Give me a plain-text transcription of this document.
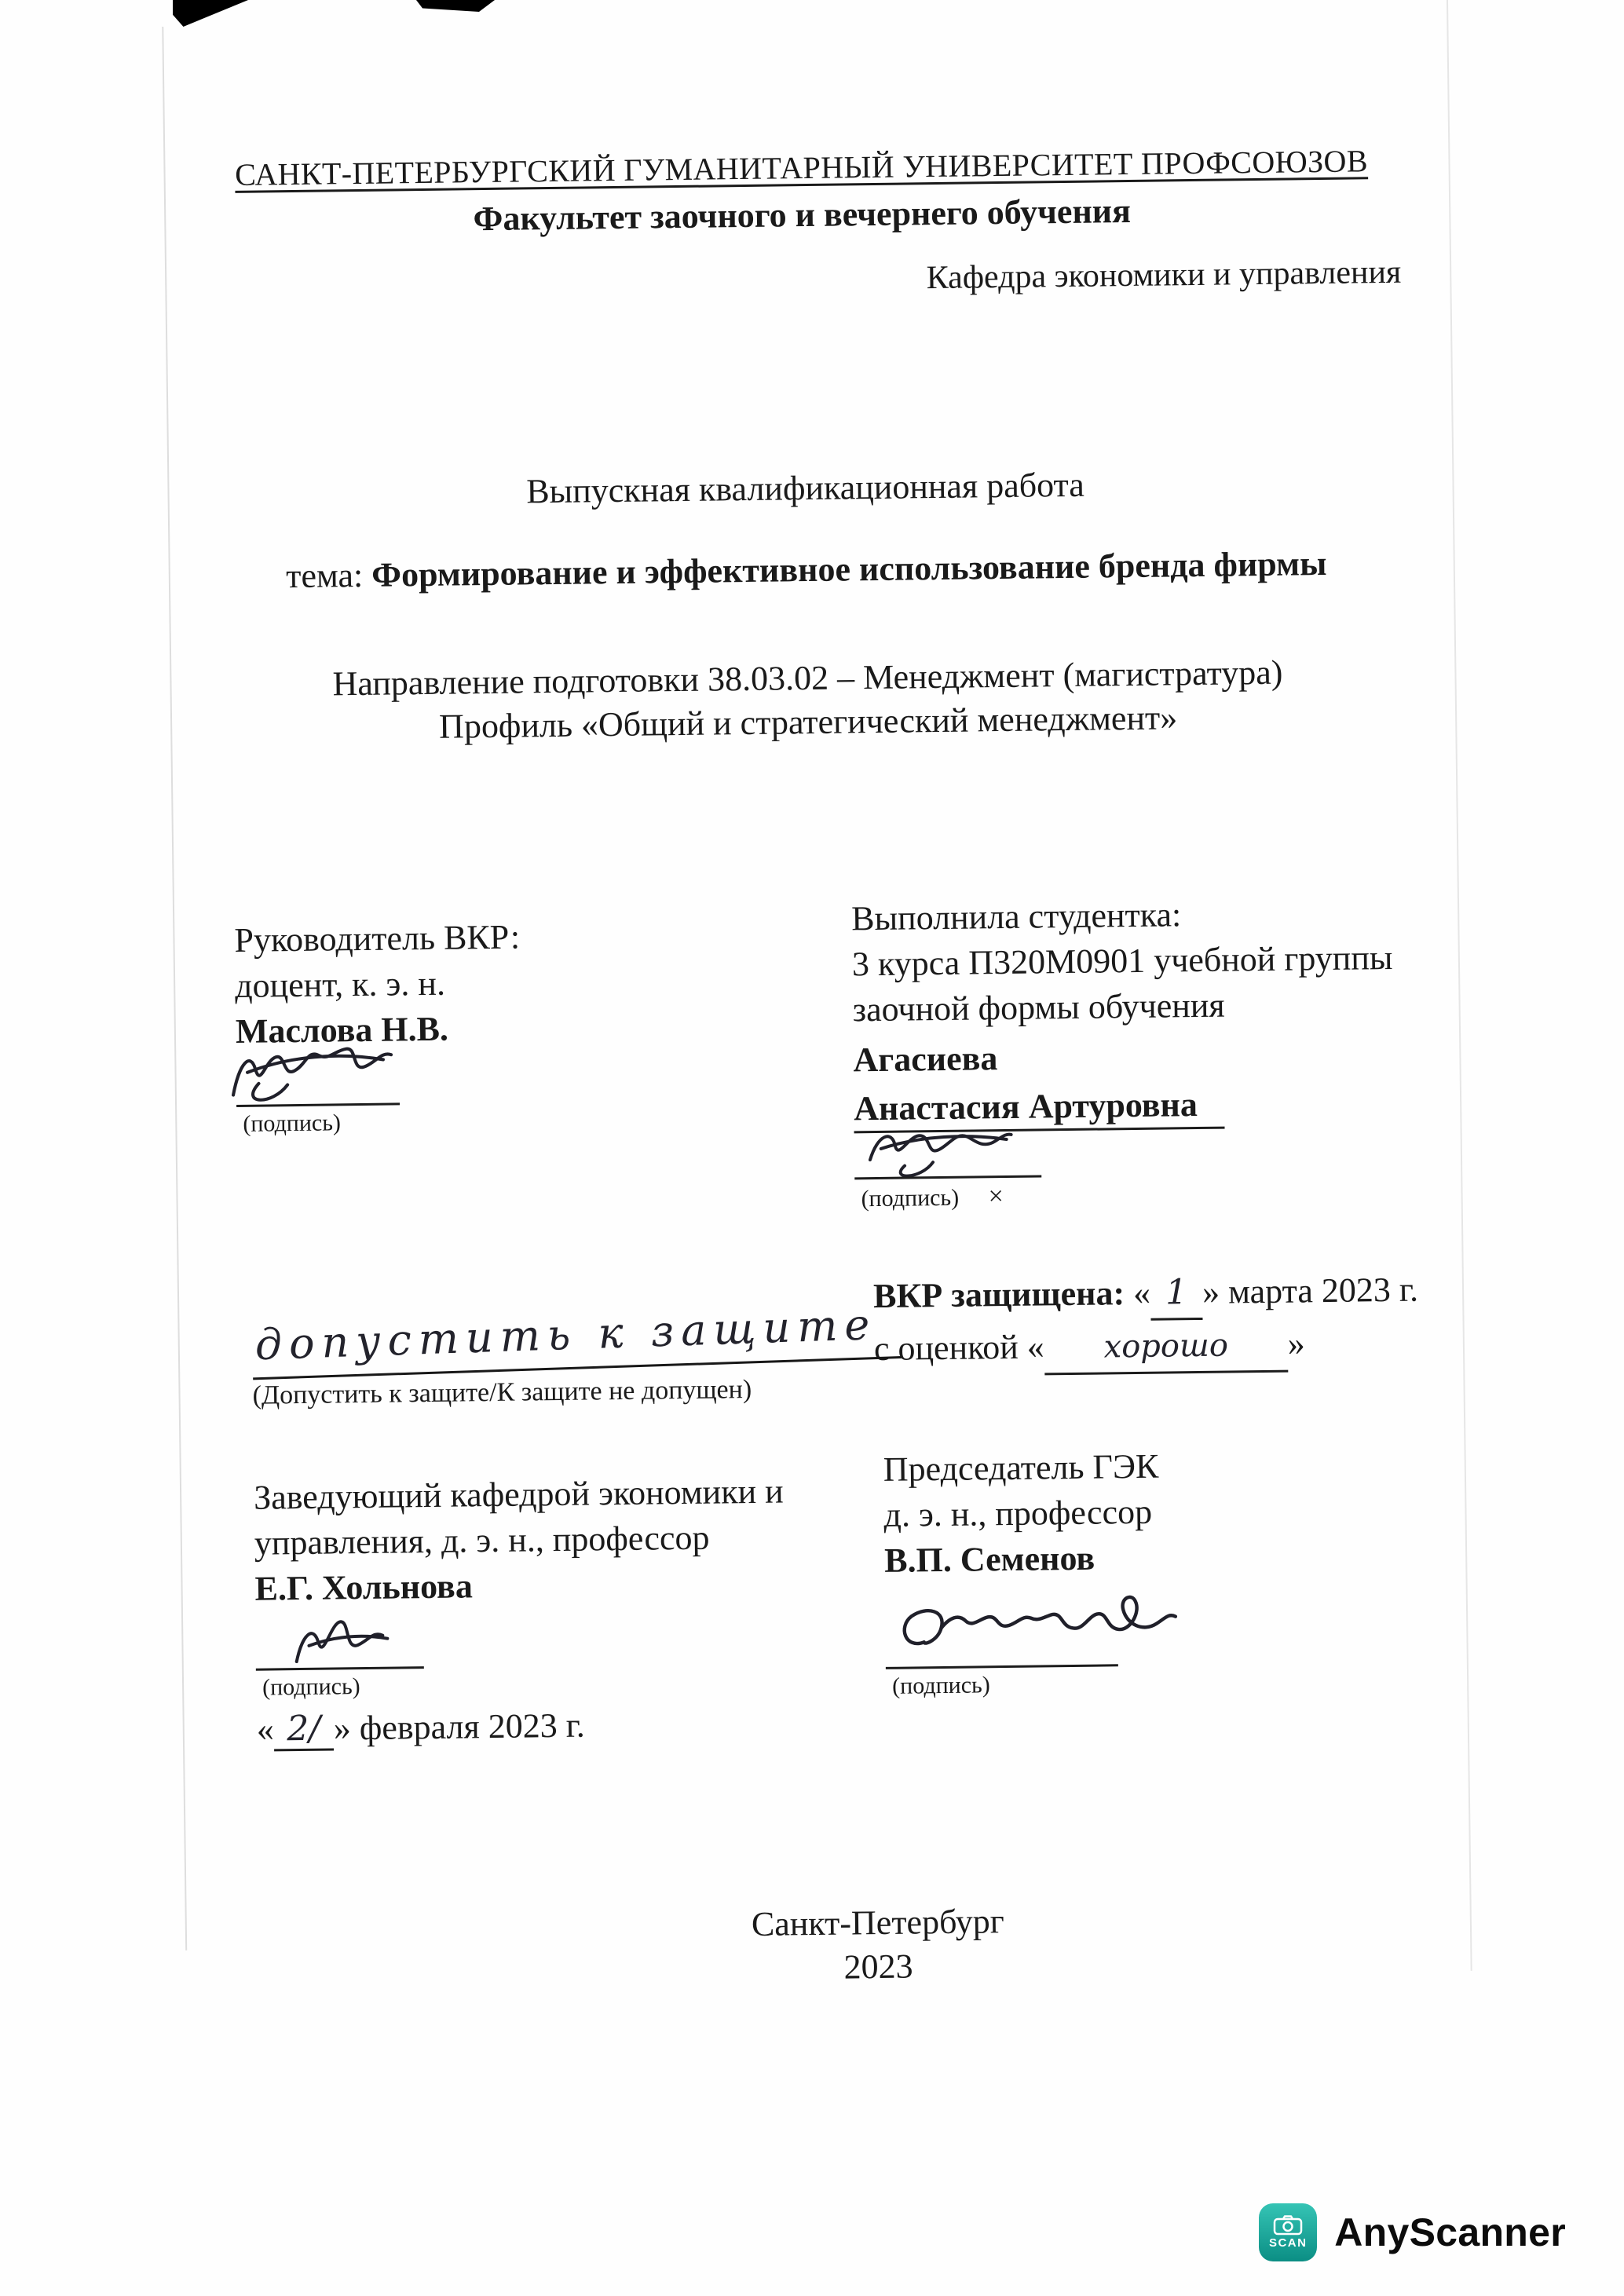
САНКТ-ПЕТЕРБУРГСКИЙ ГУМАНИТАРНЫЙ УНИВЕРСИТЕТ ПРОФСОЮЗОВ
Факультет заочного и вечернего обучения
Кафедра экономики и управления
Выпускная квалификационная работа
тема: Формирование и эффективное использование бренда фирмы
Направление подготовки 38.03.02 – Менеджмент (магистратура)
Профиль «Общий и стратегический менеджмент»
Руководитель ВКР:
доцент, к. э. н.
Маслова Н.В.
(подпись)
Выполнила студентка:
3 курса П320М0901 учебной группы
заочной формы обучения
Агасиева
Анастасия Артуровна
(подпись) ×
ВКР защищена: « 1 » марта 2023 г.
с оценкой « хорошо »
допустить к защите
(Допустить к защите/К защите не допущен)
Заведующий кафедрой экономики и
управления, д. э. н., профессор
Е.Г. Хольнова
(подпись)
« 2/ » февраля 2023 г.
Председатель ГЭК
д. э. н., профессор
В.П. Семенов
(подпись)
Санкт-Петербург
2023
SCAN AnyScanner
